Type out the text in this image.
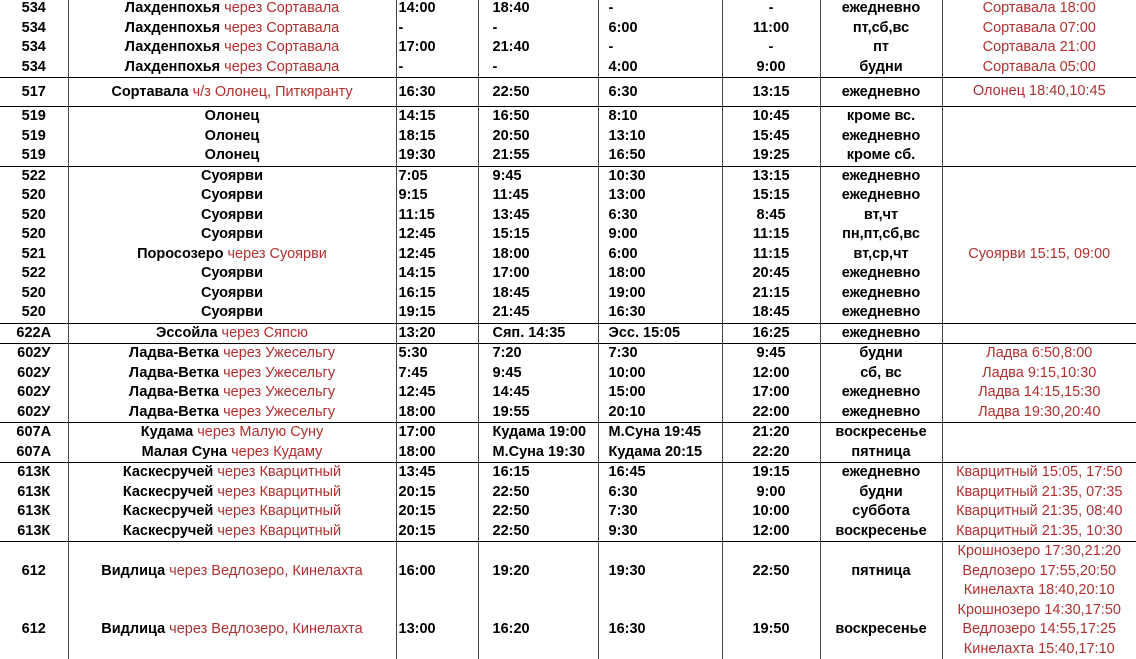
534	Лахденпохья через Сортавала	14:00	18:40	-	-	ежедневно	Сортавала 18:00

534	Лахденпохья через Сортавала	-	-	6:00	11:00	пт,сб,вс	Сортавала 07:00

534	Лахденпохья через Сортавала	17:00	21:40	-	-	пт	Сортавала 21:00

534	Лахденпохья через Сортавала	-	-	4:00	9:00	будни	Сортавала 05:00

517	Сортавала ч/з Олонец, Питкяранту	16:30	22:50	6:30	13:15	ежедневно	Олонец 18:40,10:45

519	Олонец	14:15	16:50	8:10	10:45	кроме вс.	
519	Олонец	18:15	20:50	13:10	15:45	ежедневно	
519	Олонец	19:30	21:55	16:50	19:25	кроме сб.	
522	Суоярви	7:05	9:45	10:30	13:15	ежедневно	
520	Суоярви	9:15	11:45	13:00	15:15	ежедневно	
520	Суоярви	11:15	13:45	6:30	8:45	вт,чт	
520	Суоярви	12:45	15:15	9:00	11:15	пн,пт,сб,вс	
521	Поросозеро через Суоярви	12:45	18:00	6:00	11:15	вт,ср,чт	Суоярви 15:15, 09:00

522	Суоярви	14:15	17:00	18:00	20:45	ежедневно	
520	Суоярви	16:15	18:45	19:00	21:15	ежедневно	
520	Суоярви	19:15	21:45	16:30	18:45	ежедневно	
622А	Эссойла через Сяпсю	13:20	Сяп. 14:35	Эсс. 15:05	16:25	ежедневно	
602У	Ладва-Ветка через Ужесельгу	5:30	7:20	7:30	9:45	будни	Ладва 6:50,8:00

602У	Ладва-Ветка через Ужесельгу	7:45	9:45	10:00	12:00	сб, вс	Ладва 9:15,10:30

602У	Ладва-Ветка через Ужесельгу	12:45	14:45	15:00	17:00	ежедневно	Ладва 14:15,15:30

602У	Ладва-Ветка через Ужесельгу	18:00	19:55	20:10	22:00	ежедневно	Ладва 19:30,20:40

607А	Кудама через Малую Суну	17:00	Кудама 19:00	М.Суна 19:45	21:20	воскресенье	
607А	Малая Суна через Кудаму	18:00	М.Суна 19:30	Кудама 20:15	22:20	пятница	
613К	Каскесручей через Кварцитный	13:45	16:15	16:45	19:15	ежедневно	Кварцитный 15:05, 17:50

613К	Каскесручей через Кварцитный	20:15	22:50	6:30	9:00	будни	Кварцитный 21:35, 07:35

613К	Каскесручей через Кварцитный	20:15	22:50	7:30	10:00	суббота	Кварцитный 21:35, 08:40

613К	Каскесручей через Кварцитный	20:15	22:50	9:30	12:00	воскресенье	Кварцитный 21:35, 10:30

612	Видлица через Ведлозеро, Кинелахта	16:00	19:20	19:30	22:50	пятница	Крошнозеро 17:30,21:20
Ведлозеро 17:55,20:50
Кинелахта 18:40,20:10

612	Видлица через Ведлозеро, Кинелахта	13:00	16:20	16:30	19:50	воскресенье	Крошнозеро 14:30,17:50
Ведлозеро 14:55,17:25
Кинелахта 15:40,17:10
